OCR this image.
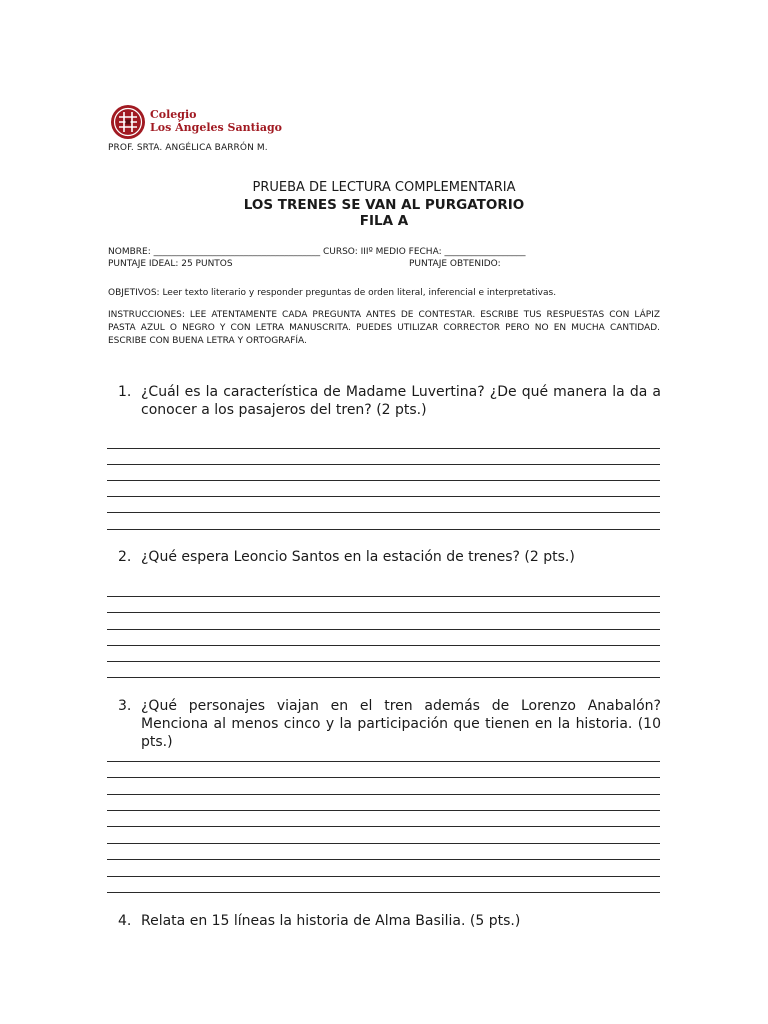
Colegio
Los Ángeles Santiago
PROF. SRTA. ANGÉLICA BARRÓN M.
PRUEBA DE LECTURA COMPLEMENTARIA
LOS TRENES SE VAN AL PURGATORIO
FILA A
NOMBRE: _____________________________________ CURSO: IIIº MEDIO FECHA: __________________
PUNTAJE IDEAL: 25 PUNTOS	PUNTAJE OBTENIDO:
OBJETIVOS: Leer texto literario y responder preguntas de orden literal, inferencial e interpretativas.
INSTRUCCIONES: LEE ATENTAMENTE CADA PREGUNTA ANTES DE CONTESTAR. ESCRIBE TUS RESPUESTAS CON LÁPIZ PASTA AZUL O NEGRO Y CON LETRA MANUSCRITA. PUEDES UTILIZAR CORRECTOR PERO NO EN MUCHA CANTIDAD. ESCRIBE CON BUENA LETRA Y ORTOGRAFÍA.
1. ¿Cuál es la característica de Madame Luvertina? ¿De qué manera la da a conocer a los pasajeros del tren? (2 pts.)
2. ¿Qué espera Leoncio Santos en la estación de trenes? (2 pts.)
3. ¿Qué personajes viajan en el tren además de Lorenzo Anabalón? Menciona al menos cinco y la participación que tienen en la historia. (10 pts.)
4. Relata en 15 líneas la historia de Alma Basilia. (5 pts.)
